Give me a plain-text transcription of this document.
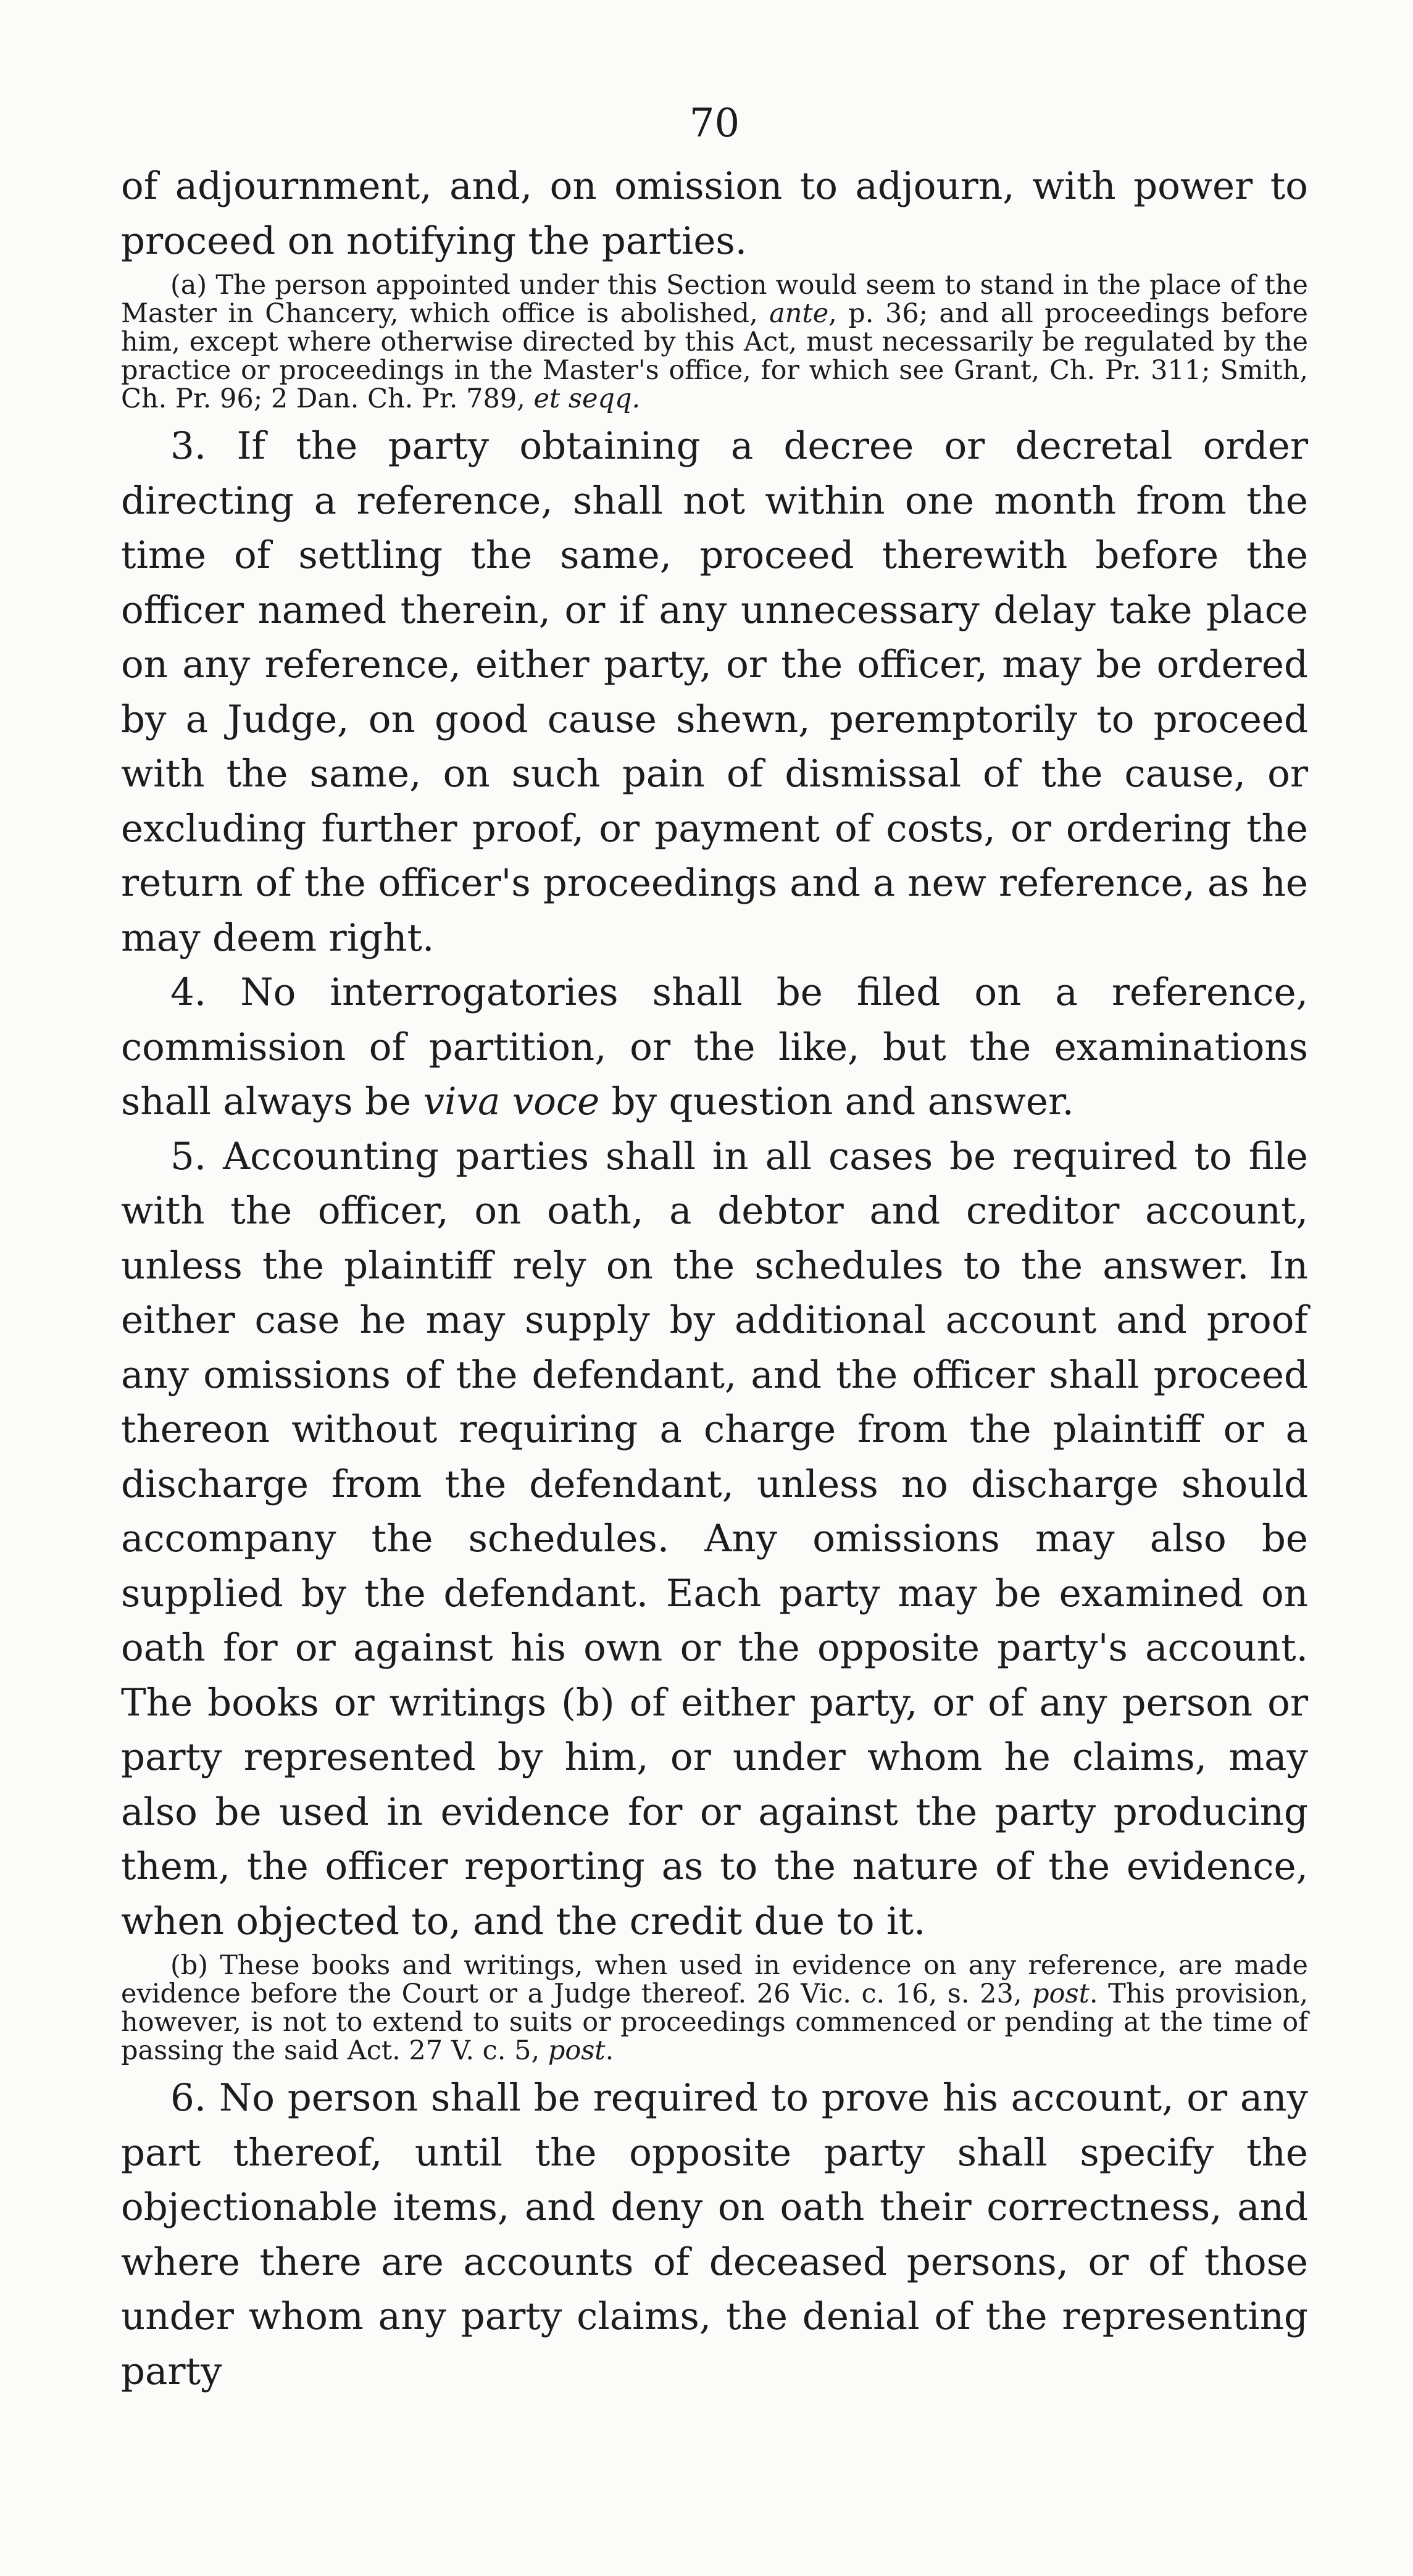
70

of adjournment, and, on omission to adjourn, with power to proceed on notifying the parties.

(a) The person appointed under this Section would seem to stand in the place of the Master in Chancery, which office is abolished, ante, p. 36; and all proceedings before him, except where otherwise directed by this Act, must necessarily be regulated by the practice or proceedings in the Master's office, for which see Grant, Ch. Pr. 311; Smith, Ch. Pr. 96; 2 Dan. Ch. Pr. 789, et seqq.

3. If the party obtaining a decree or decretal order directing a reference, shall not within one month from the time of settling the same, proceed therewith before the officer named therein, or if any unnecessary delay take place on any reference, either party, or the officer, may be ordered by a Judge, on good cause shewn, peremptorily to proceed with the same, on such pain of dismissal of the cause, or excluding further proof, or payment of costs, or ordering the return of the officer's proceedings and a new reference, as he may deem right.

4. No interrogatories shall be filed on a reference, commission of partition, or the like, but the examinations shall always be viva voce by question and answer.

5. Accounting parties shall in all cases be required to file with the officer, on oath, a debtor and creditor account, unless the plaintiff rely on the schedules to the answer. In either case he may supply by additional account and proof any omissions of the defendant, and the officer shall proceed thereon without requiring a charge from the plaintiff or a discharge from the defendant, unless no discharge should accompany the schedules. Any omissions may also be supplied by the defendant. Each party may be examined on oath for or against his own or the opposite party's account. The books or writings (b) of either party, or of any person or party represented by him, or under whom he claims, may also be used in evidence for or against the party producing them, the officer reporting as to the nature of the evidence, when objected to, and the credit due to it.

(b) These books and writings, when used in evidence on any reference, are made evidence before the Court or a Judge thereof. 26 Vic. c. 16, s. 23, post. This provision, however, is not to extend to suits or proceedings commenced or pending at the time of passing the said Act. 27 V. c. 5, post.

6. No person shall be required to prove his account, or any part thereof, until the opposite party shall specify the objectionable items, and deny on oath their correctness, and where there are accounts of deceased persons, or of those under whom any party claims, the denial of the representing party
